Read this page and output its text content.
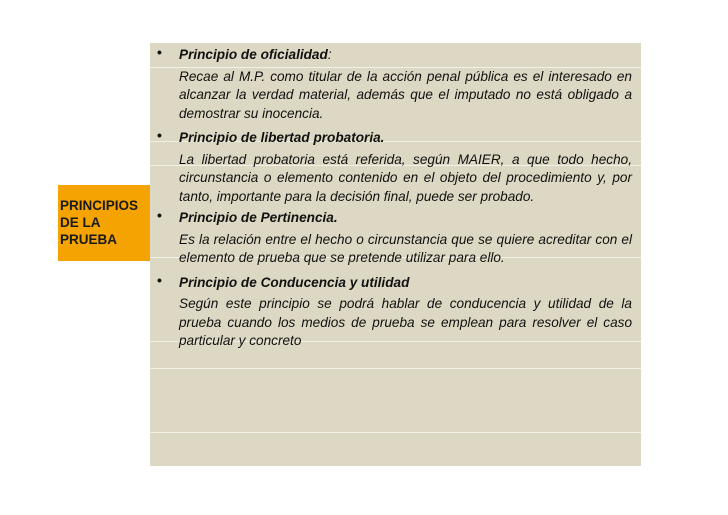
PRINCIPIOS
DE LA
PRUEBA
• Principio de oficialidad:
Recae al M.P. como titular de la acción penal pública es el interesado en alcanzar la verdad material, además que el imputado no está obligado a demostrar su inocencia.
• Principio de libertad probatoria.
La libertad probatoria está referida, según MAIER, a que todo hecho, circunstancia o elemento contenido en el objeto del procedimiento y, por tanto, importante para la decisión final, puede ser probado.
• Principio de Pertinencia.
Es la relación entre el hecho o circunstancia que se quiere acreditar con el elemento de prueba que se pretende utilizar para ello.
• Principio de Conducencia y utilidad
Según este principio se podrá hablar de conducencia y utilidad de la prueba cuando los medios de prueba se emplean para resolver el caso particular y concreto
